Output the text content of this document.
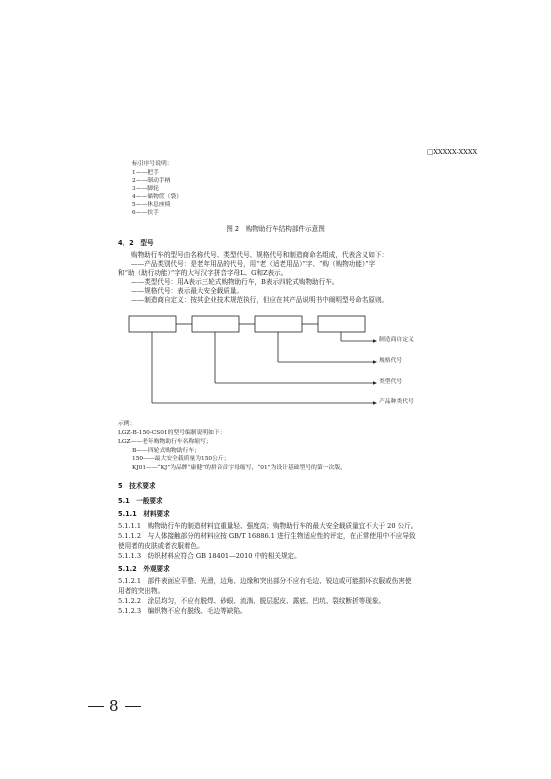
□XXXXX-XXXX
标引序号说明：
1——把手
2——制动手柄
3——脚轮
4——储物筐（袋）
5——休息座椅
6——扶手
图 2　购物助行车结构部件示意图
4．2　型号
购物助行车的型号由名称代号、类型代号、规格代号和制造商命名组成，代表含义如下：
——产品类别代号：是老年用品的代号，用“老（适老用品）”字、“购（购物功能）”字
和“助（助行功能）”字的大写汉字拼音字母L、G和Z表示。
——类型代号：用A表示三轮式购物助行车，B表示四轮式购物助行车。
——规格代号：表示最大安全载质量。
——制造商自定义：按其企业技术规范执行，但应在其产品说明书中阐明型号命名原则。
制造商自定义
规格代号
类型代号
产品种类代号
示例：
LGZ-B-150-CS01的型号编制说明如下：
LGZ——老年购物助行车名称缩写；
B——四轮式购物助行车；
150——最大安全载质量为150公斤；
KJ01——“KJ”为品牌“康健”的拼音首字母缩写，“01”为设计基础型号的第一次版。
5　技术要求
5.1　一般要求
5.1.1　材料要求
5.1.1.1　购物助行车的制造材料宜重量轻、强度高；购物助行车的最大安全载质量宜不大于 20 公斤。
5.1.1.2　与人体接触部分的材料应按 GB/T 16886.1 进行生物适应性的评定，在正常使用中不应导致
使用者的皮肤或者衣服着色。
5.1.1.3　纺织材料应符合 GB 18401—2010 中的相关规定。
5.1.2　外观要求
5.1.2.1　部件表面应平整、光滑，边角、边缘和突出部分不应有毛边、锐边或可能损坏衣服或伤害使
用者的突出物。
5.1.2.2　涂层均匀，不应有脱焊、砂眼、流淌、脱层起皮、露底、凹坑、裂纹断折等现象。
5.1.2.3　编织物不应有脱线、毛边等缺陷。
8
